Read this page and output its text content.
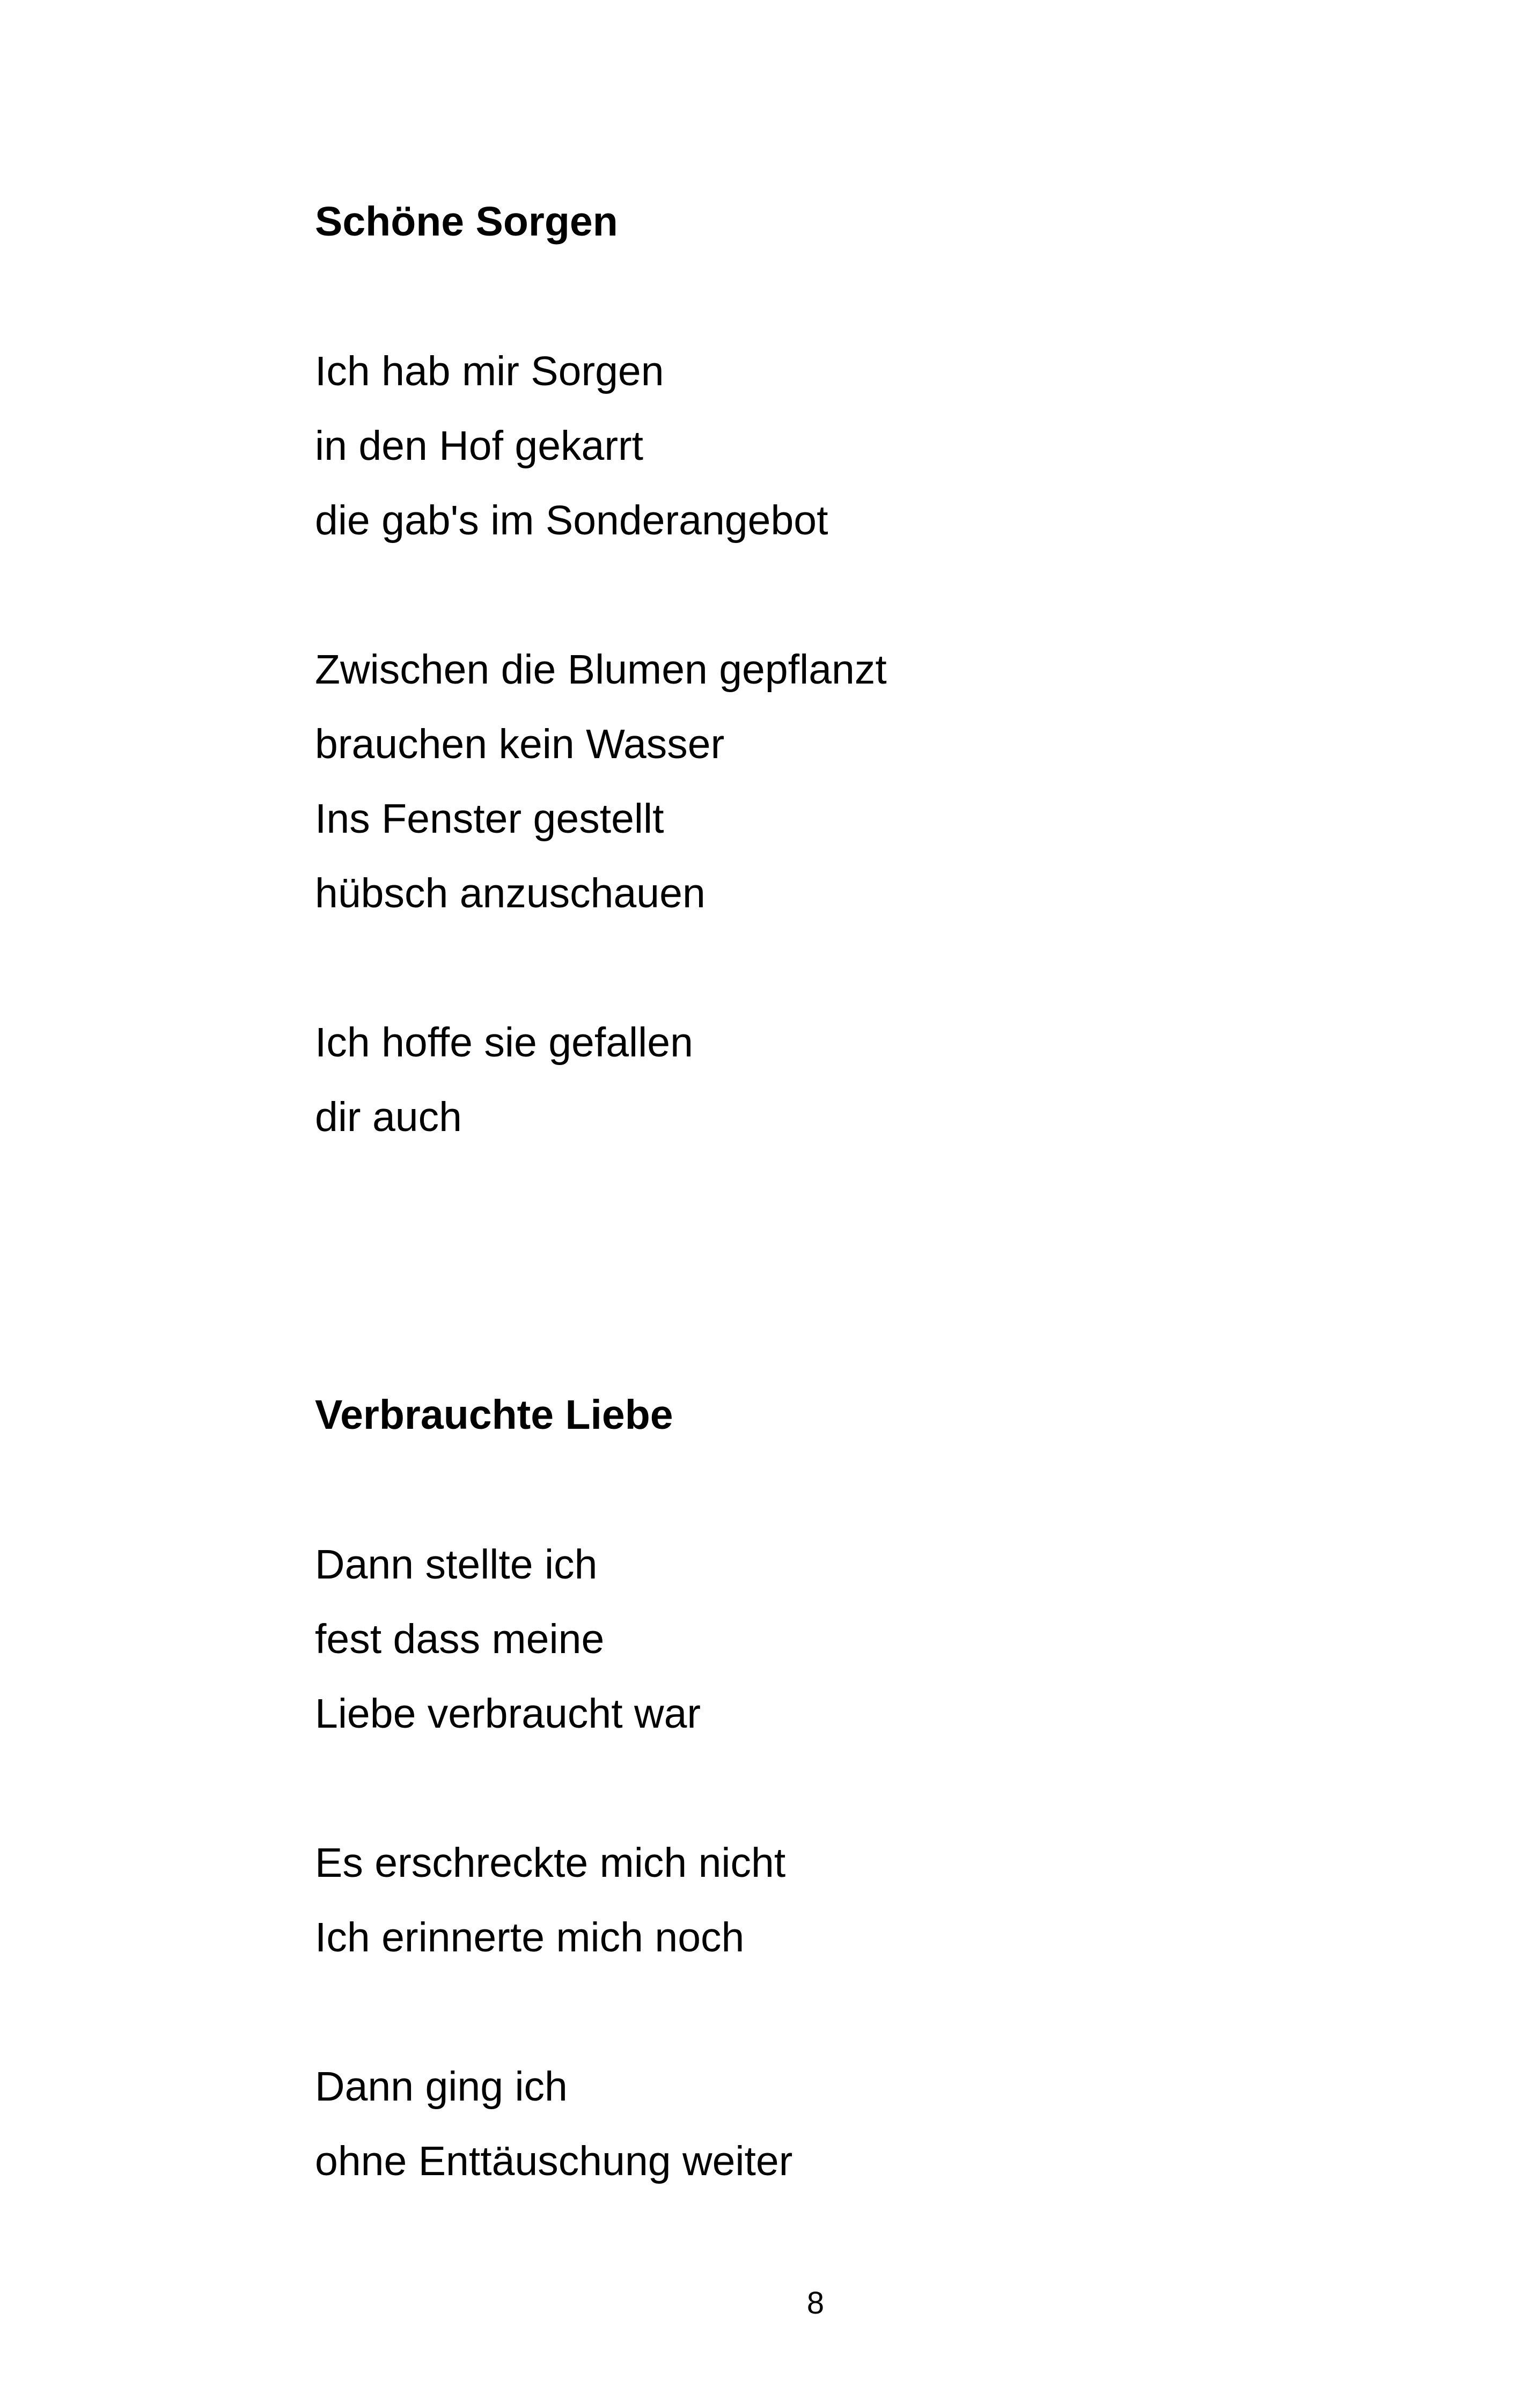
Schöne Sorgen

Ich hab mir Sorgen

in den Hof gekarrt

die gab's im Sonderangebot

Zwischen die Blumen gepflanzt

brauchen kein Wasser

Ins Fenster gestellt

hübsch anzuschauen

Ich hoffe sie gefallen

dir auch

Verbrauchte Liebe

Dann stellte ich

fest dass meine

Liebe verbraucht war

Es erschreckte mich nicht

Ich erinnerte mich noch

Dann ging ich

ohne Enttäuschung weiter

8
